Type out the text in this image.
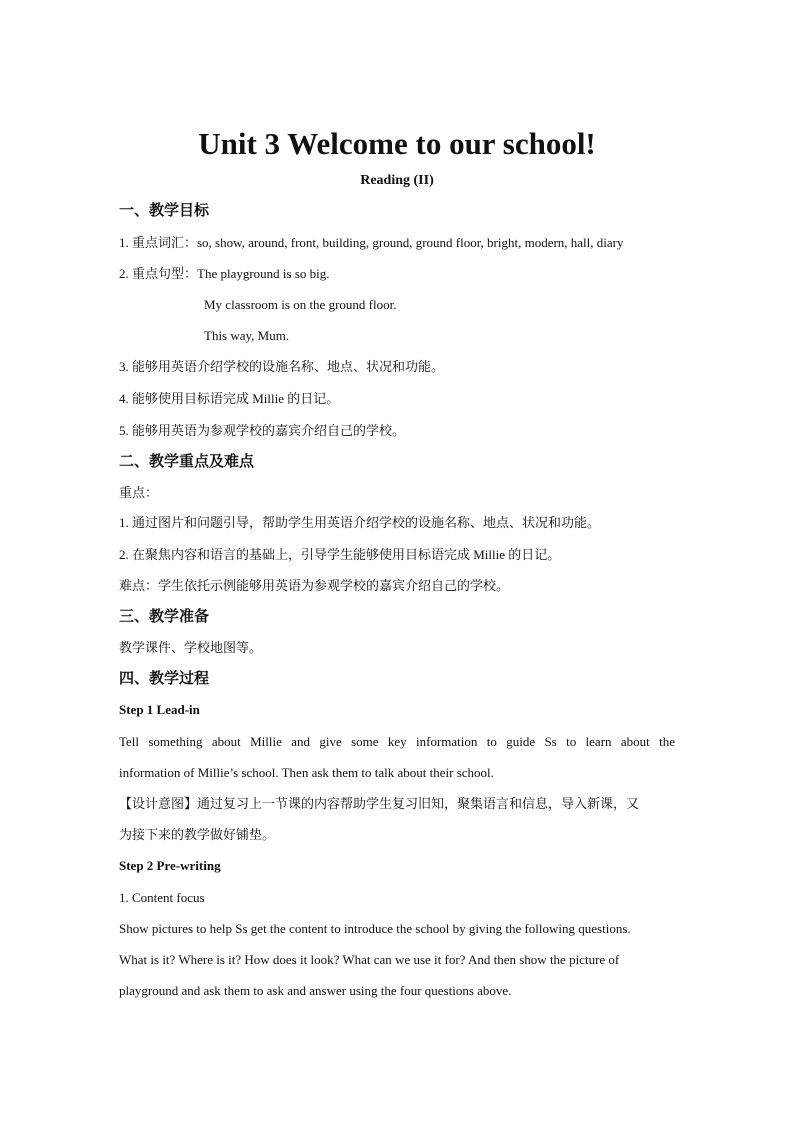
Unit 3 Welcome to our school!
Reading (II)
一、教学目标
1. 重点词汇：so, show, around, front, building, ground, ground floor, bright, modern, hall, diary
2. 重点句型：The playground is so big.
My classroom is on the ground floor.
This way, Mum.
3. 能够用英语介绍学校的设施名称、地点、状况和功能。
4. 能够使用目标语完成 Millie 的日记。
5. 能够用英语为参观学校的嘉宾介绍自己的学校。
二、教学重点及难点
重点：
1. 通过图片和问题引导，帮助学生用英语介绍学校的设施名称、地点、状况和功能。
2. 在聚焦内容和语言的基础上，引导学生能够使用目标语完成 Millie 的日记。
难点：学生依托示例能够用英语为参观学校的嘉宾介绍自己的学校。
三、教学准备
教学课件、学校地图等。
四、教学过程
Step 1 Lead-in
Tell something about Millie and give some key information to guide Ss to learn about the
information of Millie’s school. Then ask them to talk about their school.
【设计意图】通过复习上一节课的内容帮助学生复习旧知，聚集语言和信息，导入新课，又
为接下来的教学做好铺垫。
Step 2 Pre-writing
1. Content focus
Show pictures to help Ss get the content to introduce the school by giving the following questions.
What is it? Where is it? How does it look? What can we use it for? And then show the picture of
playground and ask them to ask and answer using the four questions above.
